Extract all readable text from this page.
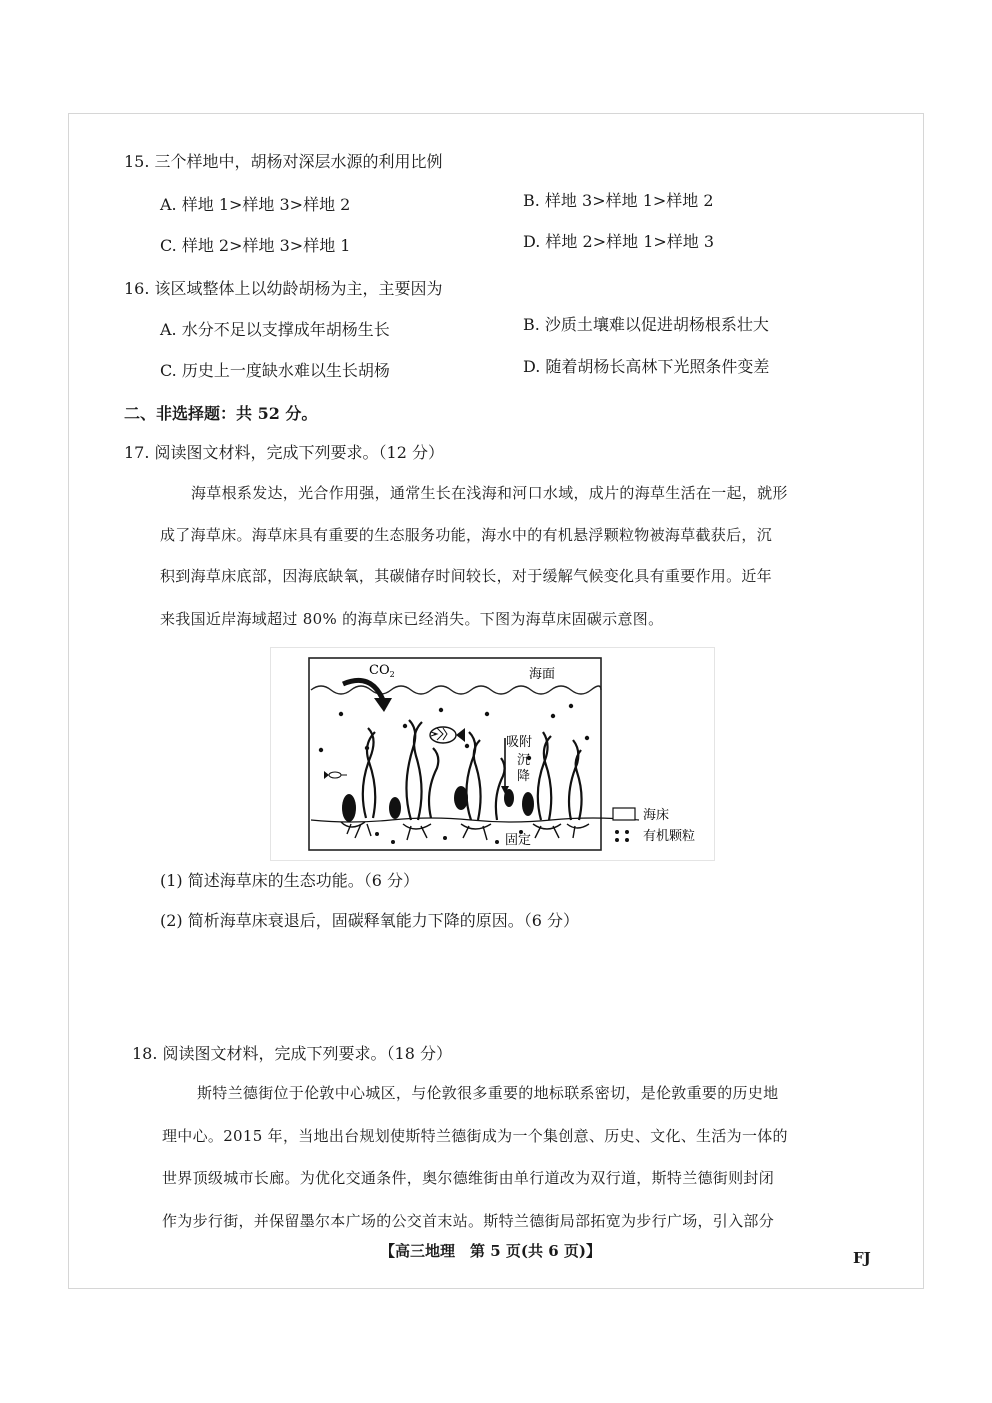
15. 三个样地中，胡杨对深层水源的利用比例
A. 样地 1>样地 3>样地 2	B. 样地 3>样地 1>样地 2
C. 样地 2>样地 3>样地 1	D. 样地 2>样地 1>样地 3
16. 该区域整体上以幼龄胡杨为主，主要因为
A. 水分不足以支撑成年胡杨生长	B. 沙质土壤难以促进胡杨根系壮大
C. 历史上一度缺水难以生长胡杨	D. 随着胡杨长高林下光照条件变差
二、非选择题：共 52 分。
17. 阅读图文材料，完成下列要求。（12 分）
海草根系发达，光合作用强，通常生长在浅海和河口水域，成片的海草生活在一起，就形
成了海草床。海草床具有重要的生态服务功能，海水中的有机悬浮颗粒物被海草截获后，沉
积到海草床底部，因海底缺氧，其碳储存时间较长，对于缓解气候变化具有重要作用。近年
来我国近岸海域超过 80% 的海草床已经消失。下图为海草床固碳示意图。
$CO_2$	海面
吸附
沉
降
固定
海床
有机颗粒
(1) 简述海草床的生态功能。（6 分）
(2) 简析海草床衰退后，固碳释氧能力下降的原因。（6 分）
18. 阅读图文材料，完成下列要求。（18 分）
斯特兰德街位于伦敦中心城区，与伦敦很多重要的地标联系密切，是伦敦重要的历史地
理中心。2015 年，当地出台规划使斯特兰德街成为一个集创意、历史、文化、生活为一体的
世界顶级城市长廊。为优化交通条件，奥尔德维街由单行道改为双行道，斯特兰德街则封闭
作为步行街，并保留墨尔本广场的公交首末站。斯特兰德街局部拓宽为步行广场，引入部分
【高三地理　第 5 页(共 6 页)】	FJ
